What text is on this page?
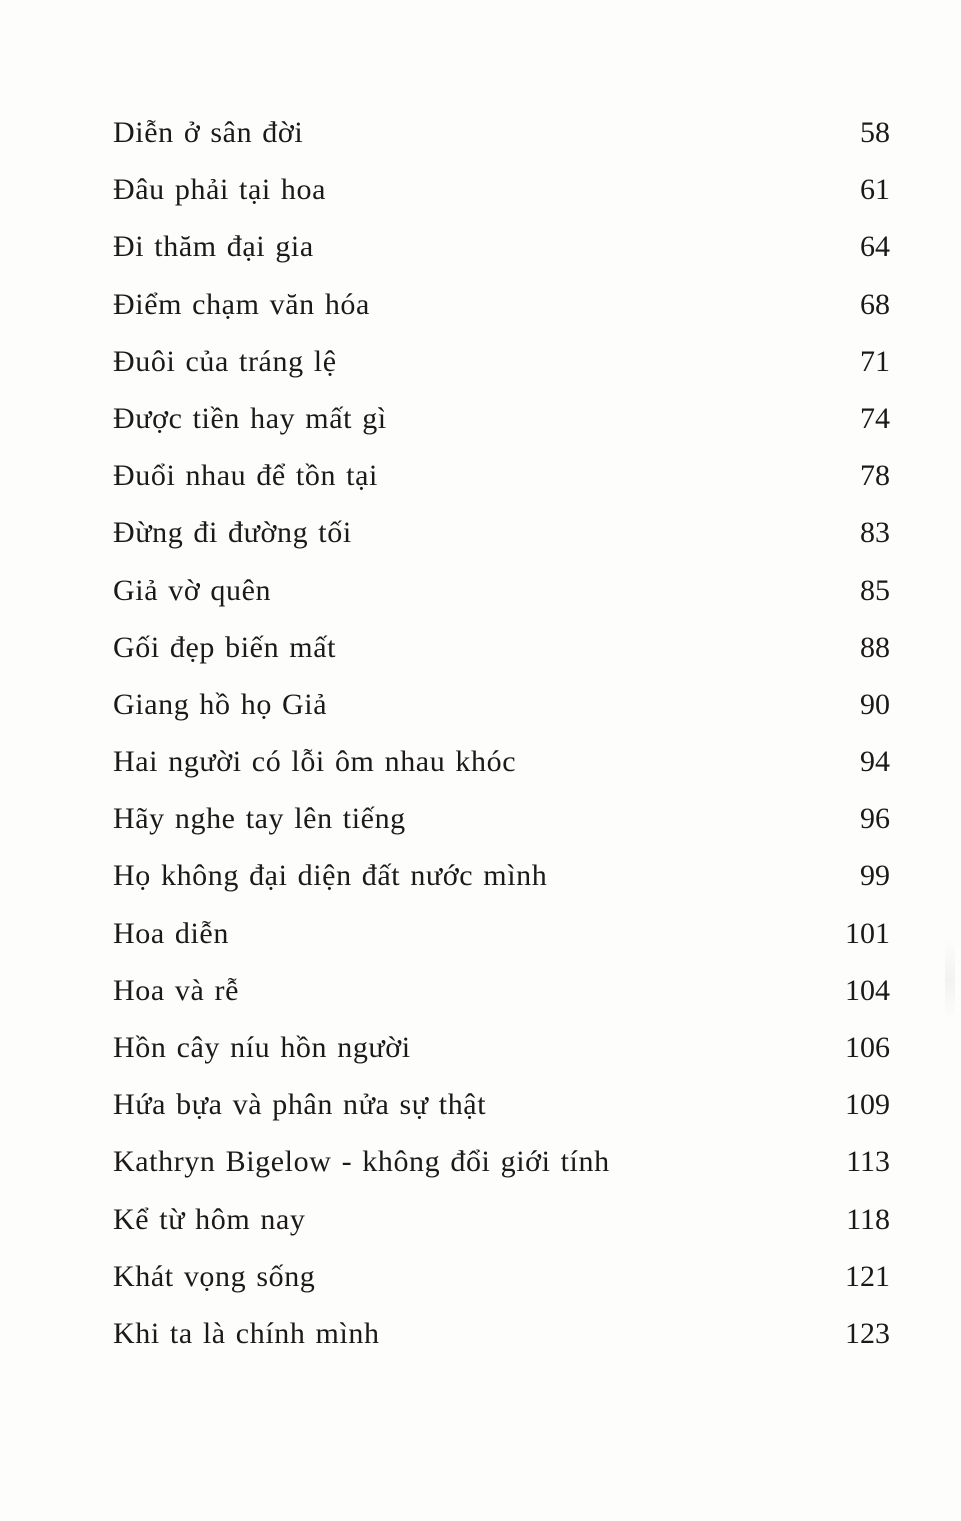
Diễn ở sân đời	58
Đâu phải tại hoa	61
Đi thăm đại gia	64
Điểm chạm văn hóa	68
Đuôi của tráng lệ	71
Được tiền hay mất gì	74
Đuổi nhau để tồn tại	78
Đừng đi đường tối	83
Giả vờ quên	85
Gối đẹp biến mất	88
Giang hồ họ Giả	90
Hai người có lỗi ôm nhau khóc	94
Hãy nghe tay lên tiếng	96
Họ không đại diện đất nước mình	99
Hoa diễn	101
Hoa và rễ	104
Hồn cây níu hồn người	106
Hứa bựa và phân nửa sự thật	109
Kathryn Bigelow - không đổi giới tính	113
Kể từ hôm nay	118
Khát vọng sống	121
Khi ta là chính mình	123
